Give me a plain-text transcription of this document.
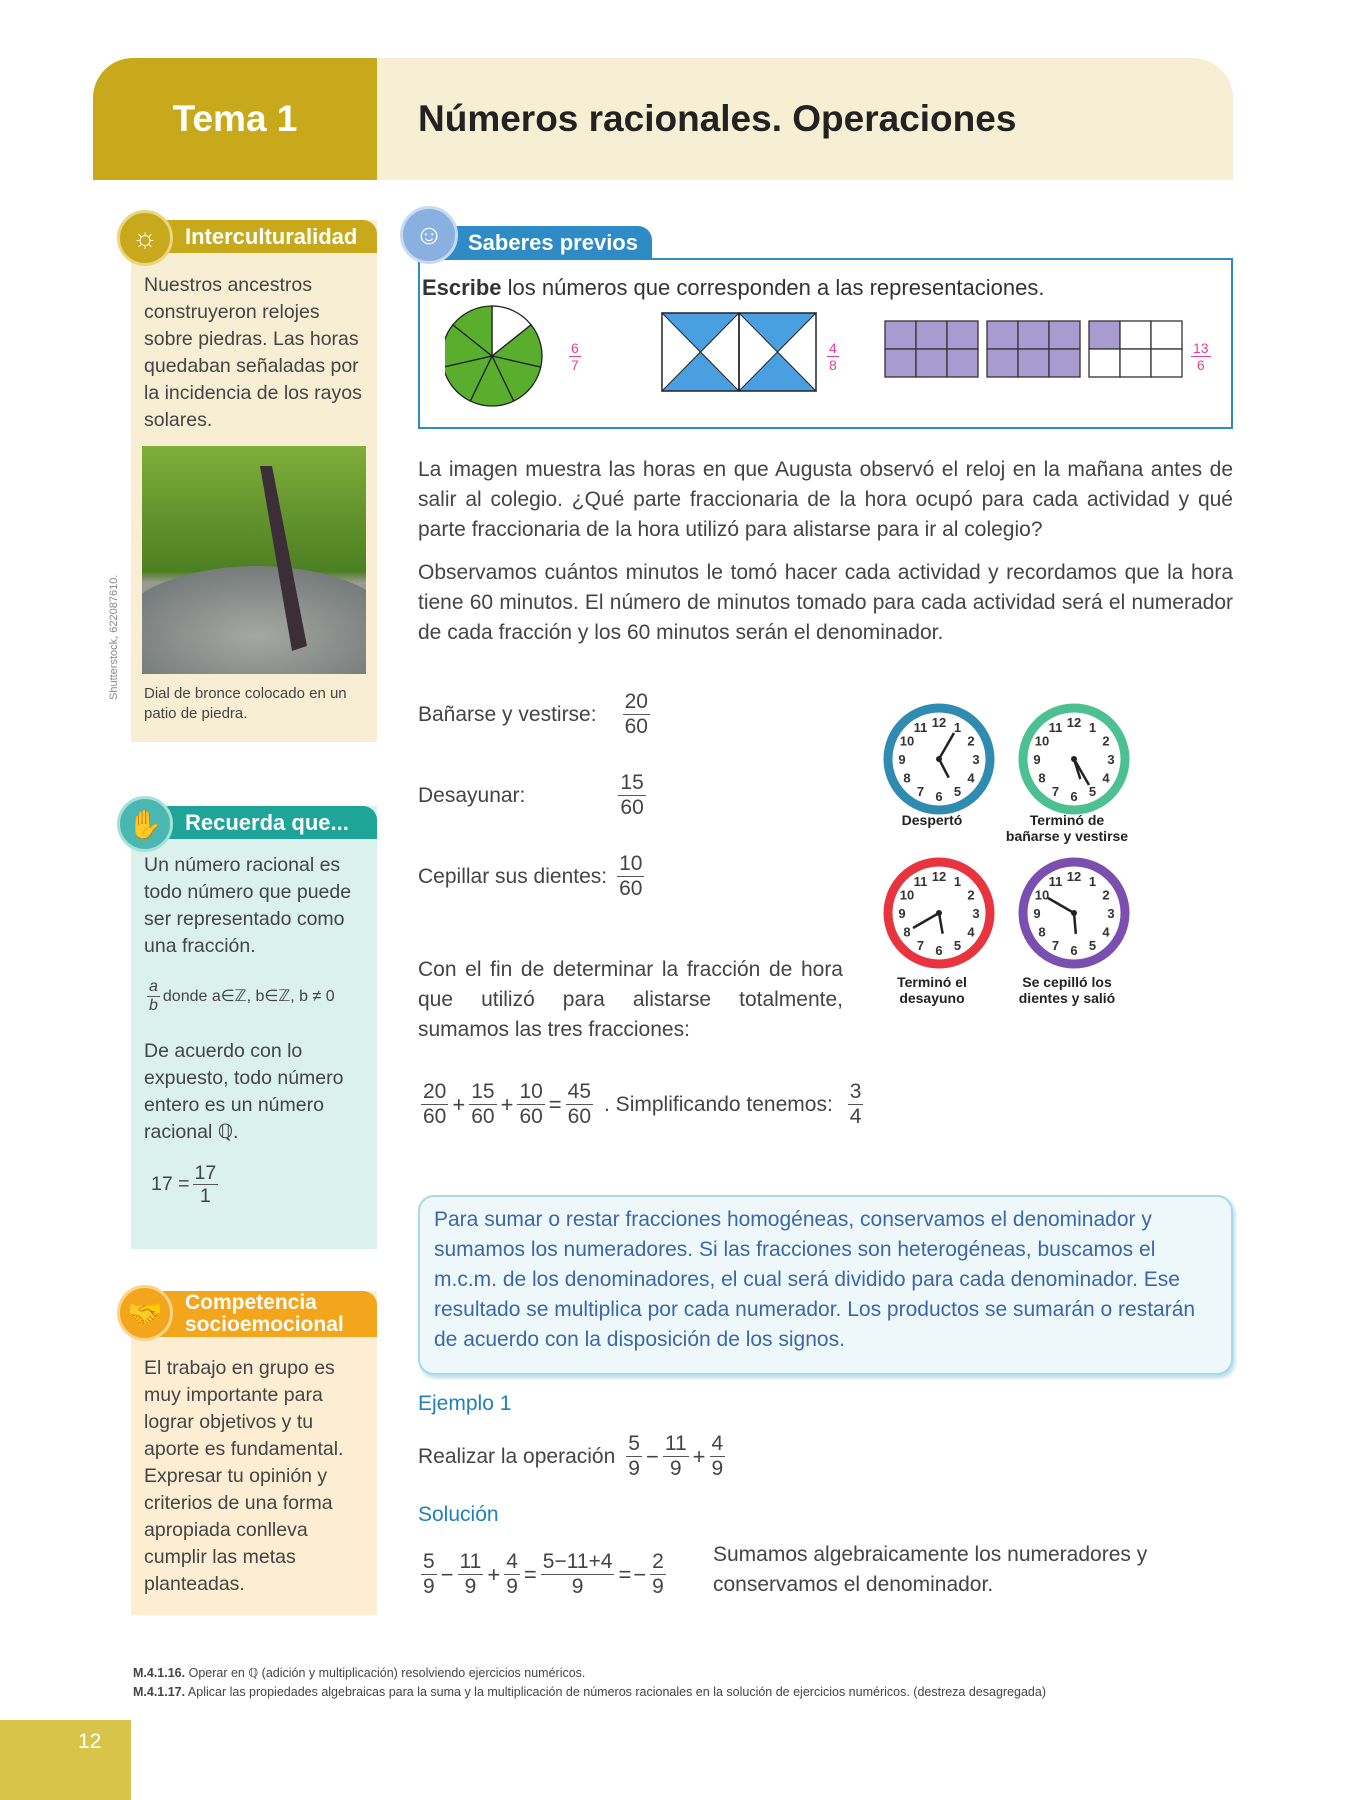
Tema 1	Números racionales. Operaciones
Interculturalidad
☼
Nuestros ancestros construyeron relojes sobre piedras. Las horas quedaban señaladas por la incidencia de los rayos solares.
Dial de bronce colocado en un patio de piedra.
Shutterstock, 622087610.
Recuerda que...
✋
Un número racional es todo número que puede ser representado como una fracción.
$\frac{a}{b}$ donde a∈ℤ, b∈ℤ, b ≠ 0
De acuerdo con lo expuesto, todo número entero es un número racional ℚ.
$17 = \frac{17}{1}$
Competencia
socioemocional
🤝
El trabajo en grupo es muy importante para lograr objetivos y tu aporte es fundamental. Expresar tu opinión y criterios de una forma apropiada conlleva cumplir las metas planteadas.
Saberes previos
☺
Escribe los números que corresponden a las representaciones.
$\frac{6}{7}$	$\frac{4}{8}$	$\frac{13}{6}$
La imagen muestra las horas en que Augusta observó el reloj en la mañana antes de salir al colegio. ¿Qué parte fraccionaria de la hora ocupó para cada actividad y qué parte fraccionaria de la hora utilizó para alistarse para ir al colegio?
Observamos cuántos minutos le tomó hacer cada actividad y recordamos que la hora tiene 60 minutos. El número de minutos tomado para cada actividad será el numerador de cada fracción y los 60 minutos serán el denominador.
Bañarse y vestirse: $\frac{20}{60}$
Desayunar:	$\frac{15}{60}$
Cepillar sus dientes: $\frac{10}{60}$
1
2
3
4
5
6
7
8
9
10
11 12
Despertó
1
2
3
4
5
6
7
8
9
10
11 12
Terminó de bañarse y vestirse
1
2
3
4
5
6
7
8
9
10
11 12
Terminó el desayuno
1
2
3
4
5
6
7
8
9
10
11 12
Se cepilló los dientes y salió
Con el fin de determinar la fracción de hora que utilizó para alistarse totalmente, sumamos las tres fracciones:
$\frac{20}{60} + \frac{15}{60} + \frac{10}{60} = \frac{45}{60}$ . Simplificando tenemos: $\frac{3}{4}$
Para sumar o restar fracciones homogéneas, conservamos el denominador y sumamos los numeradores. Si las fracciones son heterogéneas, buscamos el m.c.m. de los denominadores, el cual será dividido para cada denominador. Ese resultado se multiplica por cada numerador. Los productos se sumarán o restarán de acuerdo con la disposición de los signos.
Ejemplo 1
Realizar la operación $\frac{5}{9} - \frac{11}{9} + \frac{4}{9}$
Solución
$\frac{5}{9} - \frac{11}{9} + \frac{4}{9} = \frac{5-11+4}{9}$ = − $\frac{2}{9}$ Sumamos algebraicamente los numeradores y conservamos el denominador.
M.4.1.16. Operar en ℚ (adición y multiplicación) resolviendo ejercicios numéricos.
M.4.1.17. Aplicar las propiedades algebraicas para la suma y la multiplicación de números racionales en la solución de ejercicios numéricos. (destreza desagregada)
12
